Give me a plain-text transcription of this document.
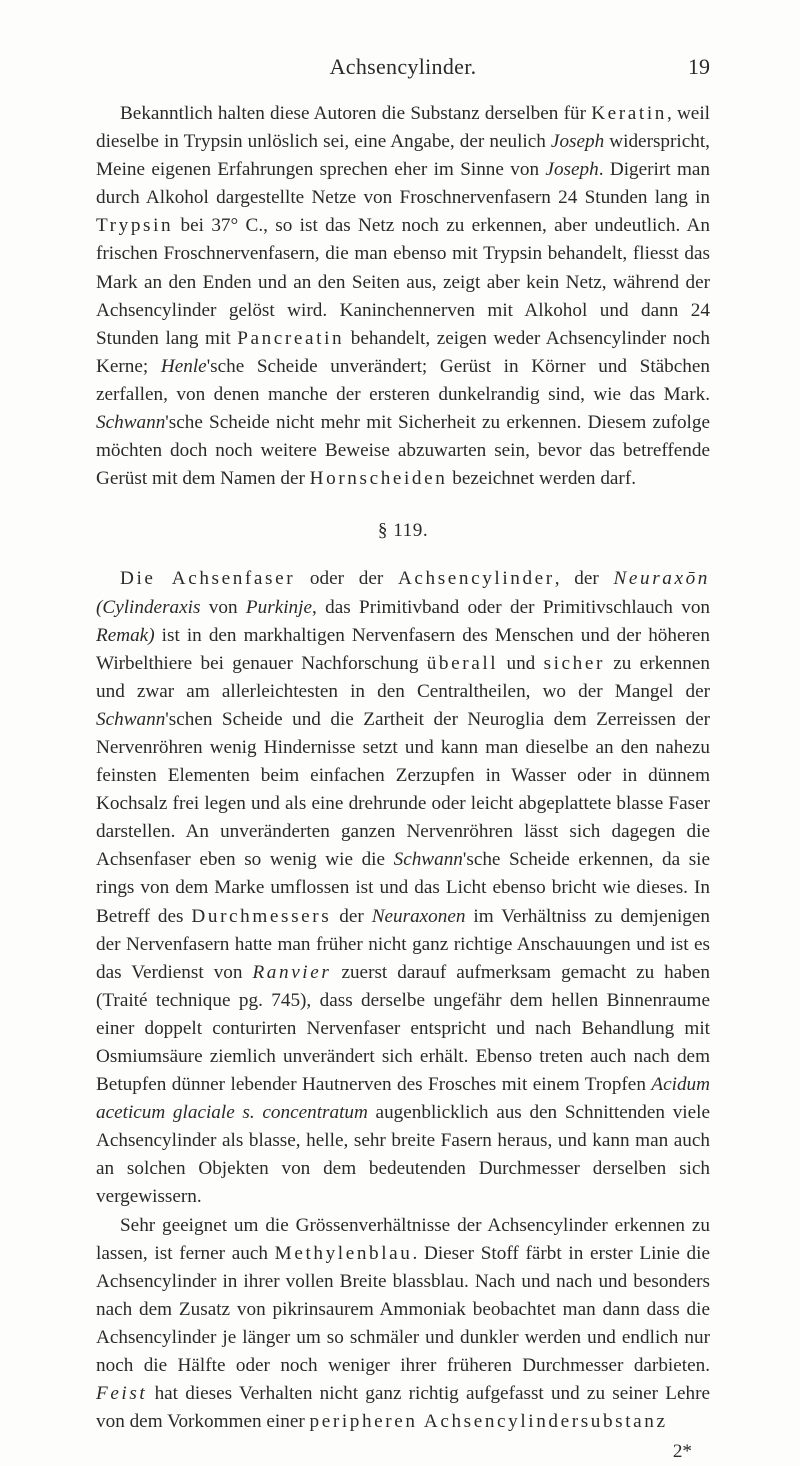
Achsencylinder.	19

Bekanntlich halten diese Autoren die Substanz derselben für Keratin, weil dieselbe in Trypsin unlöslich sei, eine Angabe, der neulich Joseph widerspricht, Meine eigenen Erfahrungen sprechen eher im Sinne von Joseph. Digerirt man durch Alkohol dargestellte Netze von Froschnervenfasern 24 Stunden lang in Trypsin bei 37° C., so ist das Netz noch zu erkennen, aber undeutlich. An frischen Froschnervenfasern, die man ebenso mit Trypsin behandelt, fliesst das Mark an den Enden und an den Seiten aus, zeigt aber kein Netz, während der Achsencylinder gelöst wird. Kaninchennerven mit Alkohol und dann 24 Stunden lang mit Pancreatin behandelt, zeigen weder Achsencylinder noch Kerne; Henle'sche Scheide unverändert; Gerüst in Körner und Stäbchen zerfallen, von denen manche der ersteren dunkelrandig sind, wie das Mark. Schwann'sche Scheide nicht mehr mit Sicherheit zu erkennen. Diesem zufolge möchten doch noch weitere Beweise abzuwarten sein, bevor das betreffende Gerüst mit dem Namen der Hornscheiden bezeichnet werden darf.

§ 119.

Die Achsenfaser oder der Achsencylinder, der Neuraxōn (Cylinderaxis von Purkinje, das Primitivband oder der Primitivschlauch von Remak) ist in den markhaltigen Nervenfasern des Menschen und der höheren Wirbelthiere bei genauer Nachforschung überall und sicher zu erkennen und zwar am allerleichtesten in den Centraltheilen, wo der Mangel der Schwann'schen Scheide und die Zartheit der Neuroglia dem Zerreissen der Nervenröhren wenig Hindernisse setzt und kann man dieselbe an den nahezu feinsten Elementen beim einfachen Zerzupfen in Wasser oder in dünnem Kochsalz frei legen und als eine drehrunde oder leicht abgeplattete blasse Faser darstellen. An unveränderten ganzen Nervenröhren lässt sich dagegen die Achsenfaser eben so wenig wie die Schwann'sche Scheide erkennen, da sie rings von dem Marke umflossen ist und das Licht ebenso bricht wie dieses. In Betreff des Durchmessers der Neuraxonen im Verhältniss zu demjenigen der Nervenfasern hatte man früher nicht ganz richtige Anschauungen und ist es das Verdienst von Ranvier zuerst darauf aufmerksam gemacht zu haben (Traité technique pg. 745), dass derselbe ungefähr dem hellen Binnenraume einer doppelt conturirten Nervenfaser entspricht und nach Behandlung mit Osmiumsäure ziemlich unverändert sich erhält. Ebenso treten auch nach dem Betupfen dünner lebender Hautnerven des Frosches mit einem Tropfen Acidum aceticum glaciale s. concentratum augenblicklich aus den Schnittenden viele Achsencylinder als blasse, helle, sehr breite Fasern heraus, und kann man auch an solchen Objekten von dem bedeutenden Durchmesser derselben sich vergewissern.

Sehr geeignet um die Grössenverhältnisse der Achsencylinder erkennen zu lassen, ist ferner auch Methylenblau. Dieser Stoff färbt in erster Linie die Achsencylinder in ihrer vollen Breite blassblau. Nach und nach und besonders nach dem Zusatz von pikrinsaurem Ammoniak beobachtet man dann dass die Achsencylinder je länger um so schmäler und dunkler werden und endlich nur noch die Hälfte oder noch weniger ihrer früheren Durchmesser darbieten. Feist hat dieses Verhalten nicht ganz richtig aufgefasst und zu seiner Lehre von dem Vorkommen einer peripheren Achsencylindersubstanz

2*
